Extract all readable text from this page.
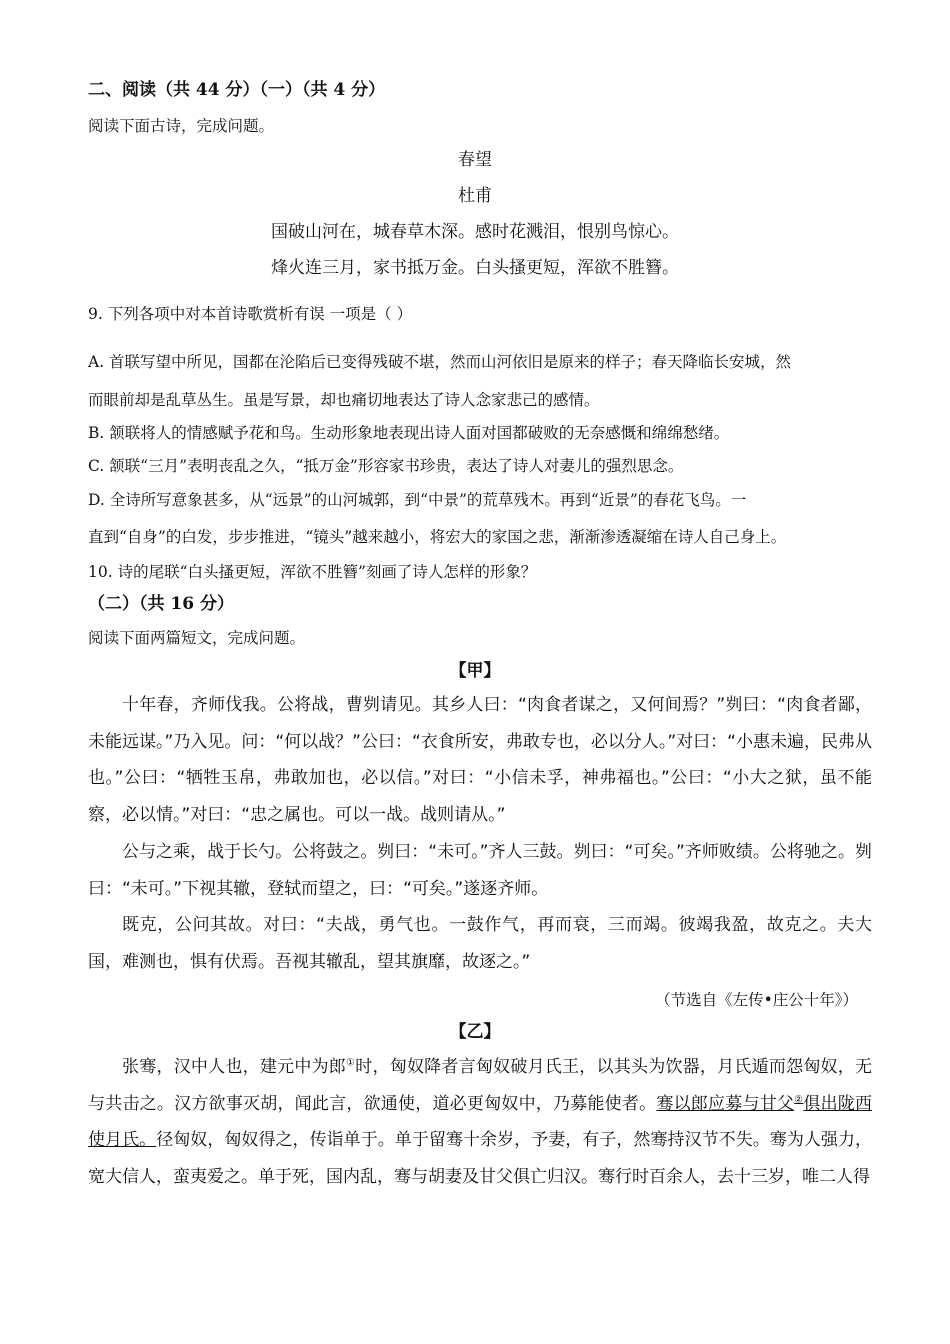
二、阅读（共 44 分）（一）（共 4 分）
阅读下面古诗，完成问题。
春望
杜甫
国破山河在，城春草木深。感时花溅泪，恨别鸟惊心。
烽火连三月，家书抵万金。白头搔更短，浑欲不胜簪。
9. 下列各项中对本首诗歌赏析有误 一项是（ ）
A. 首联写望中所见，国都在沦陷后已变得残破不堪，然而山河依旧是原来的样子；春天降临长安城，然
而眼前却是乱草丛生。虽是写景，却也痛切地表达了诗人念家悲己的感情。
B. 颔联将人的情感赋予花和鸟。生动形象地表现出诗人面对国都破败的无奈感慨和绵绵愁绪。
C. 颔联“三月”表明丧乱之久，“抵万金”形容家书珍贵，表达了诗人对妻儿的强烈思念。
D. 全诗所写意象甚多，从“远景”的山河城郭，到“中景”的荒草残木。再到“近景”的春花飞鸟。一
直到“自身”的白发，步步推进，“镜头”越来越小，将宏大的家国之悲，渐渐渗透凝缩在诗人自己身上。
10. 诗的尾联“白头搔更短，浑欲不胜簪”刻画了诗人怎样的形象？
（二）（共 16 分）
阅读下面两篇短文，完成问题。
【甲】

十年春，齐师伐我。公将战，曹刿请见。其乡人曰：“肉食者谋之，又何间焉？”刿曰：“肉食者鄙，未能远谋。”乃入见。问：“何以战？”公曰：“衣食所安，弗敢专也，必以分人。”对曰：“小惠未遍，民弗从也。”公曰：“牺牲玉帛，弗敢加也，必以信。”对曰：“小信未孚，神弗福也。”公曰：“小大之狱，虽不能察，必以情。”对曰：“忠之属也。可以一战。战则请从。”

公与之乘，战于长勺。公将鼓之。刿曰：“未可。”齐人三鼓。刿曰：“可矣。”齐师败绩。公将驰之。刿曰：“未可。”下视其辙，登轼而望之，曰：“可矣。”遂逐齐师。

既克，公问其故。对曰：“夫战，勇气也。一鼓作气，再而衰，三而竭。彼竭我盈，故克之。夫大国，难测也，惧有伏焉。吾视其辙乱，望其旗靡，故逐之。”

（节选自《左传•庄公十年》）
【乙】

张骞，汉中人也，建元中为郎①时，匈奴降者言匈奴破月氏王，以其头为饮器，月氏遁而怨匈奴，无与共击之。汉方欲事灭胡，闻此言，欲通使，道必更匈奴中，乃募能使者。骞以郎应募与甘父②俱出陇西使月氏。径匈奴，匈奴得之，传诣单于。单于留骞十余岁，予妻，有子，然骞持汉节不失。骞为人强力，宽大信人，蛮夷爱之。单于死，国内乱，骞与胡妻及甘父俱亡归汉。骞行时百余人，去十三岁，唯二人得
